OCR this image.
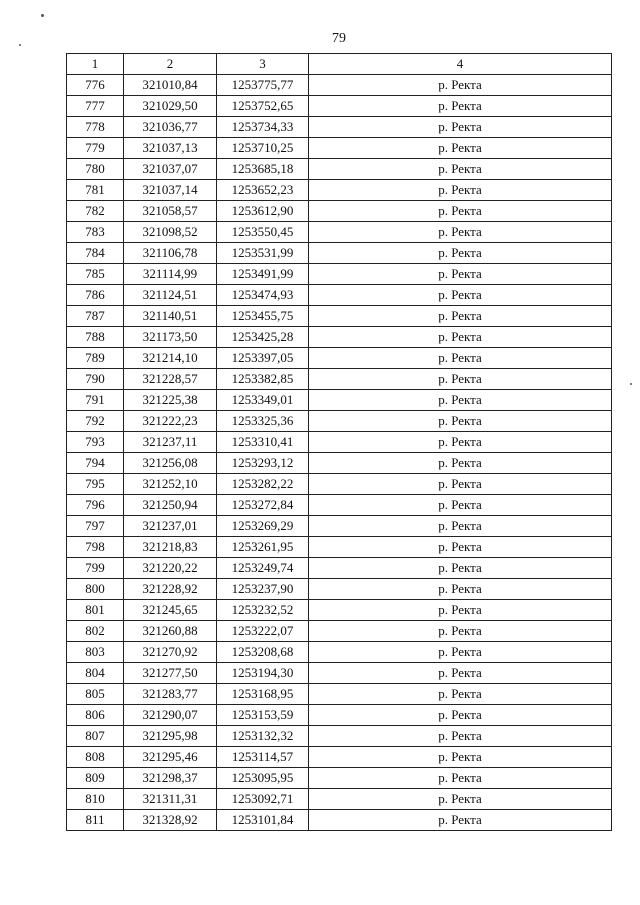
79
1	2	3	4
776	321010,84	1253775,77	р. Ректа
777	321029,50	1253752,65	р. Ректа
778	321036,77	1253734,33	р. Ректа
779	321037,13	1253710,25	р. Ректа
780	321037,07	1253685,18	р. Ректа
781	321037,14	1253652,23	р. Ректа
782	321058,57	1253612,90	р. Ректа
783	321098,52	1253550,45	р. Ректа
784	321106,78	1253531,99	р. Ректа
785	321114,99	1253491,99	р. Ректа
786	321124,51	1253474,93	р. Ректа
787	321140,51	1253455,75	р. Ректа
788	321173,50	1253425,28	р. Ректа
789	321214,10	1253397,05	р. Ректа
790	321228,57	1253382,85	р. Ректа
791	321225,38	1253349,01	р. Ректа
792	321222,23	1253325,36	р. Ректа
793	321237,11	1253310,41	р. Ректа
794	321256,08	1253293,12	р. Ректа
795	321252,10	1253282,22	р. Ректа
796	321250,94	1253272,84	р. Ректа
797	321237,01	1253269,29	р. Ректа
798	321218,83	1253261,95	р. Ректа
799	321220,22	1253249,74	р. Ректа
800	321228,92	1253237,90	р. Ректа
801	321245,65	1253232,52	р. Ректа
802	321260,88	1253222,07	р. Ректа
803	321270,92	1253208,68	р. Ректа
804	321277,50	1253194,30	р. Ректа
805	321283,77	1253168,95	р. Ректа
806	321290,07	1253153,59	р. Ректа
807	321295,98	1253132,32	р. Ректа
808	321295,46	1253114,57	р. Ректа
809	321298,37	1253095,95	р. Ректа
810	321311,31	1253092,71	р. Ректа
811	321328,92	1253101,84	р. Ректа
